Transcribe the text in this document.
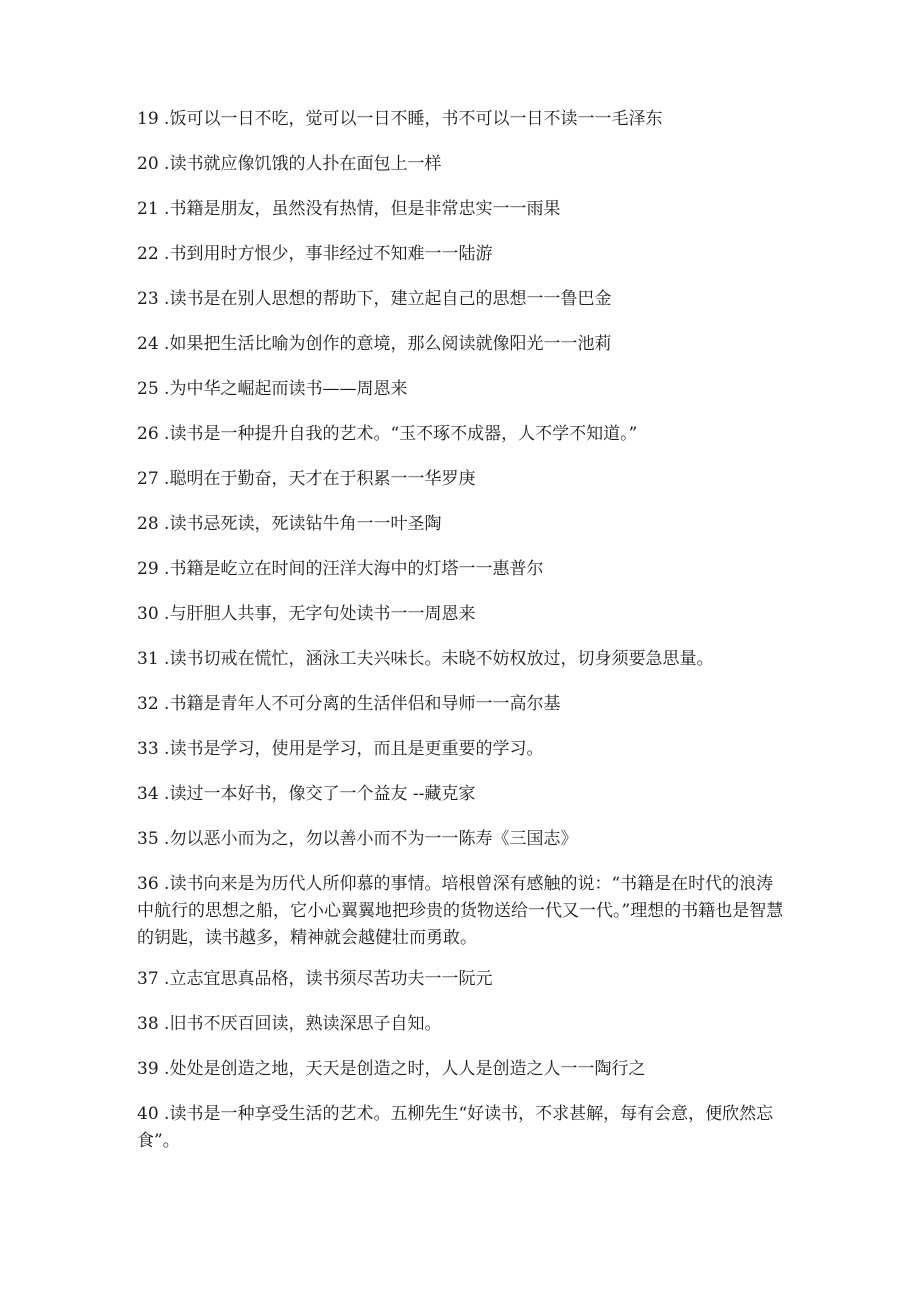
19 .饭可以一日不吃，觉可以一日不睡，书不可以一日不读一一毛泽东
20 .读书就应像饥饿的人扑在面包上一样
21 .书籍是朋友，虽然没有热情，但是非常忠实一一雨果
22 .书到用时方恨少，事非经过不知难一一陆游
23 .读书是在别人思想的帮助下，建立起自己的思想一一鲁巴金
24 .如果把生活比喻为创作的意境，那么阅读就像阳光一一池莉
25 .为中华之崛起而读书——周恩来
26 .读书是一种提升自我的艺术。“玉不琢不成器，人不学不知道。”
27 .聪明在于勤奋，天才在于积累一一华罗庚
28 .读书忌死读，死读钻牛角一一叶圣陶
29 .书籍是屹立在时间的汪洋大海中的灯塔一一惠普尔
30 .与肝胆人共事，无字句处读书一一周恩来
31 .读书切戒在慌忙，涵泳工夫兴味长。未晓不妨权放过，切身须要急思量。
32 .书籍是青年人不可分离的生活伴侣和导师一一高尔基
33 .读书是学习，使用是学习，而且是更重要的学习。
34 .读过一本好书，像交了一个益友 --藏克家
35 .勿以恶小而为之，勿以善小而不为一一陈寿《三国志》
36 .读书向来是为历代人所仰慕的事情。培根曾深有感触的说：“书籍是在时代的浪涛中航行的思想之船，它小心翼翼地把珍贵的货物送给一代又一代。”理想的书籍也是智慧的钥匙，读书越多，精神就会越健壮而勇敢。
37 .立志宜思真品格，读书须尽苦功夫一一阮元
38 .旧书不厌百回读，熟读深思子自知。
39 .处处是创造之地，天天是创造之时，人人是创造之人一一陶行之
40 .读书是一种享受生活的艺术。五柳先生“好读书，不求甚解，每有会意，便欣然忘食”。
